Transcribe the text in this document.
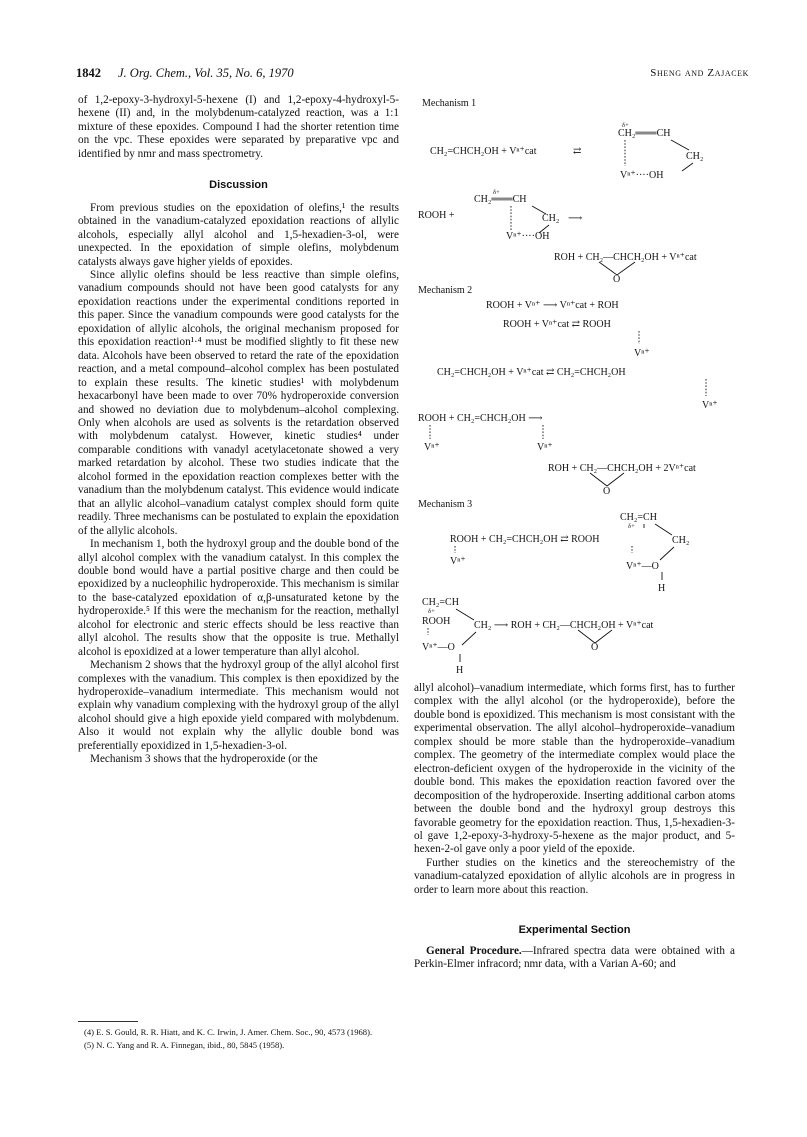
1842 J. Org. Chem., Vol. 35, No. 6, 1970	Sheng and Zajacek

of 1,2-epoxy-3-hydroxyl-5-hexene (I) and 1,2-epoxy-4-hydroxyl-5-hexene (II) and, in the molybdenum-catalyzed reaction, was a 1:1 mixture of these epoxides. Compound I had the shorter retention time on the vpc. These epoxides were separated by preparative vpc and identified by nmr and mass spectrometry.

Discussion

From previous studies on the epoxidation of olefins,¹ the results obtained in the vanadium-catalyzed epoxidation reactions of allylic alcohols, especially allyl alcohol and 1,5-hexadien-3-ol, were unexpected. In the epoxidation of simple olefins, molybdenum catalysts always gave higher yields of epoxides.

Since allylic olefins should be less reactive than simple olefins, vanadium compounds should not have been good catalysts for any epoxidation reactions under the experimental conditions reported in this paper. Since the vanadium compounds were good catalysts for the epoxidation of allylic alcohols, the original mechanism proposed for this epoxidation reaction¹·⁴ must be modified slightly to fit these new data. Alcohols have been observed to retard the rate of the epoxidation reaction, and a metal compound–alcohol complex has been postulated to explain these results. The kinetic studies¹ with molybdenum hexacarbonyl have been made to over 70% hydroperoxide conversion and showed no deviation due to molybdenum–alcohol complexing. Only when alcohols are used as solvents is the retardation observed with molybdenum catalyst. However, kinetic studies⁴ under comparable conditions with vanadyl acetylacetonate showed a very marked retardation by alcohol. These two studies indicate that the alcohol formed in the epoxidation reaction complexes better with the vanadium than the molybdenum catalyst. This evidence would indicate that an allylic alcohol–vanadium catalyst complex should form quite readily. Three mechanisms can be postulated to explain the epoxidation of the allylic alcohols.

In mechanism 1, both the hydroxyl group and the double bond of the allyl alcohol complex with the vanadium catalyst. In this complex the double bond would have a partial positive charge and then could be epoxidized by a nucleophilic hydroperoxide. This mechanism is similar to the base-catalyzed epoxidation of α,β-unsaturated ketone by the hydroperoxide.⁵ If this were the mechanism for the reaction, methallyl alcohol for electronic and steric effects should be less reactive than allyl alcohol. The results show that the opposite is true. Methallyl alcohol is epoxidized at a lower temperature than allyl alcohol.

Mechanism 2 shows that the hydroxyl group of the allyl alcohol first complexes with the vanadium. This complex is then epoxidized by the hydroperoxide–vanadium intermediate. This mechanism would not explain why vanadium complexing with the hydroxyl group of the allyl alcohol should give a high epoxide yield compared with molybdenum. Also it would not explain why the allylic double bond was preferentially epoxidized in 1,5-hexadien-3-ol.

Mechanism 3 shows that the hydroperoxide (or the

(4) E. S. Gould, R. R. Hiatt, and K. C. Irwin, J. Amer. Chem. Soc., 90, 4573 (1968).

(5) N. C. Yang and R. A. Finnegan, ibid., 80, 5845 (1958).

Mechanism 1
δ+
CH₂═══CH
CH₂=CHCH₂OH + Vⁿ⁺cat	⇄	CH₂
Vⁿ⁺····OH
δ+
CH₂═══CH
ROOH +	CH₂ ⟶
Vⁿ⁺····OH
ROH + CH₂—CHCH₂OH + Vⁿ⁺cat
O
Mechanism 2
ROOH + Vⁿ⁺ ⟶ Vⁿ⁺cat + ROH
ROOH + Vⁿ⁺cat ⇄ ROOH
Vⁿ⁺
CH₂=CHCH₂OH + Vⁿ⁺cat ⇄ CH₂=CHCH₂OH
Vⁿ⁺
ROOH + CH₂=CHCH₂OH ⟶
Vⁿ⁺	Vⁿ⁺
ROH + CH₂—CHCH₂OH + 2Vⁿ⁺cat
O
Mechanism 3
CH₂=CH
δ+
ROOH + CH₂=CHCH₂OH ⇄ ROOH	CH₂
Vⁿ⁺	Vⁿ⁺—O
H
CH₂=CH
δ+
ROOH CH₂ ⟶ ROH + CH₂—CHCH₂OH + Vⁿ⁺cat
O
Vⁿ⁺—O
H

allyl alcohol)–vanadium intermediate, which forms first, has to further complex with the allyl alcohol (or the hydroperoxide), before the double bond is epoxidized. This mechanism is most consistant with the experimental observation. The allyl alcohol–hydroperoxide–vanadium complex should be more stable than the hydroperoxide–vanadium complex. The geometry of the intermediate complex would place the electron-deficient oxygen of the hydroperoxide in the vicinity of the double bond. This makes the epoxidation reaction favored over the decomposition of the hydroperoxide. Inserting additional carbon atoms between the double bond and the hydroxyl group destroys this favorable geometry for the epoxidation reaction. Thus, 1,5-hexadien-3-ol gave 1,2-epoxy-3-hydroxy-5-hexene as the major product, and 5-hexen-2-ol gave only a poor yield of the epoxide.

Further studies on the kinetics and the stereochemistry of the vanadium-catalyzed epoxidation of allylic alcohols are in progress in order to learn more about this reaction.

Experimental Section

General Procedure.—Infrared spectra data were obtained with a Perkin-Elmer infracord; nmr data, with a Varian A-60; and
